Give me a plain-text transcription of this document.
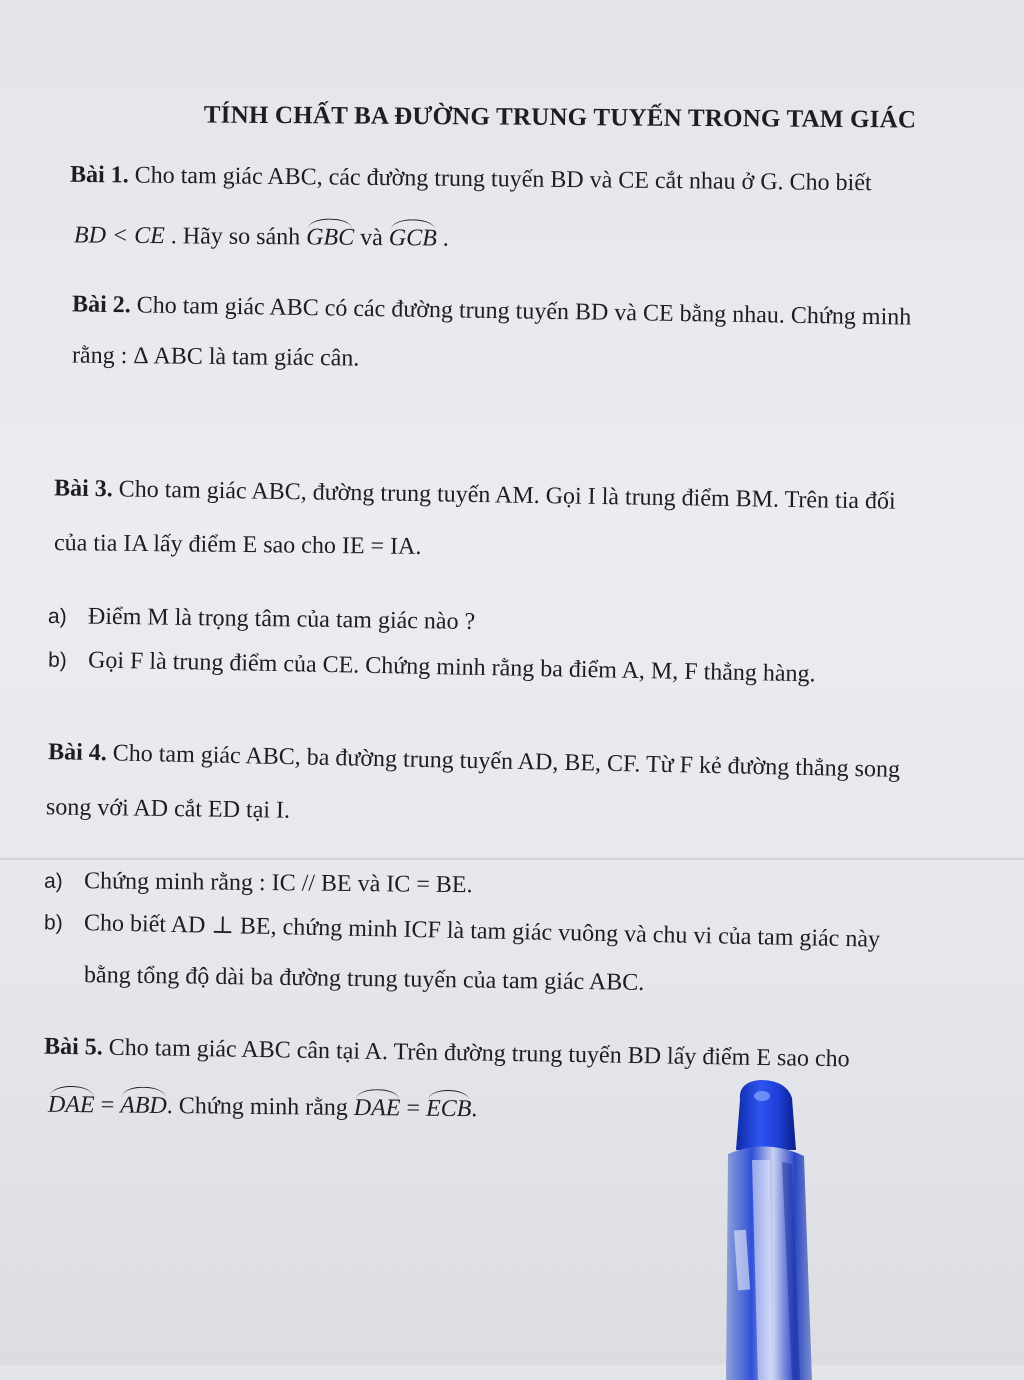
TÍNH CHẤT BA ĐƯỜNG TRUNG TUYẾN TRONG TAM GIÁC
Bài 1. Cho tam giác ABC, các đường trung tuyến BD và CE cắt nhau ở G. Cho biết
BD < CE . Hãy so sánh GBC và GCB .
Bài 2. Cho tam giác ABC có các đường trung tuyến BD và CE bằng nhau. Chứng minh
rằng : Δ ABC là tam giác cân.
Bài 3. Cho tam giác ABC, đường trung tuyến AM. Gọi I là trung điểm BM. Trên tia đối
của tia IA lấy điểm E sao cho IE = IA.
a) Điểm M là trọng tâm của tam giác nào ?
b) Gọi F là trung điểm của CE. Chứng minh rằng ba điểm A, M, F thẳng hàng.
Bài 4. Cho tam giác ABC, ba đường trung tuyến AD, BE, CF. Từ F kẻ đường thẳng song
song với AD cắt ED tại I.
a) Chứng minh rằng : IC // BE và IC = BE.
b) Cho biết AD ⊥ BE, chứng minh ICF là tam giác vuông và chu vi của tam giác này
bằng tổng độ dài ba đường trung tuyến của tam giác ABC.
Bài 5. Cho tam giác ABC cân tại A. Trên đường trung tuyến BD lấy điểm E sao cho
DAE = ABD. Chứng minh rằng DAE = ECB.
